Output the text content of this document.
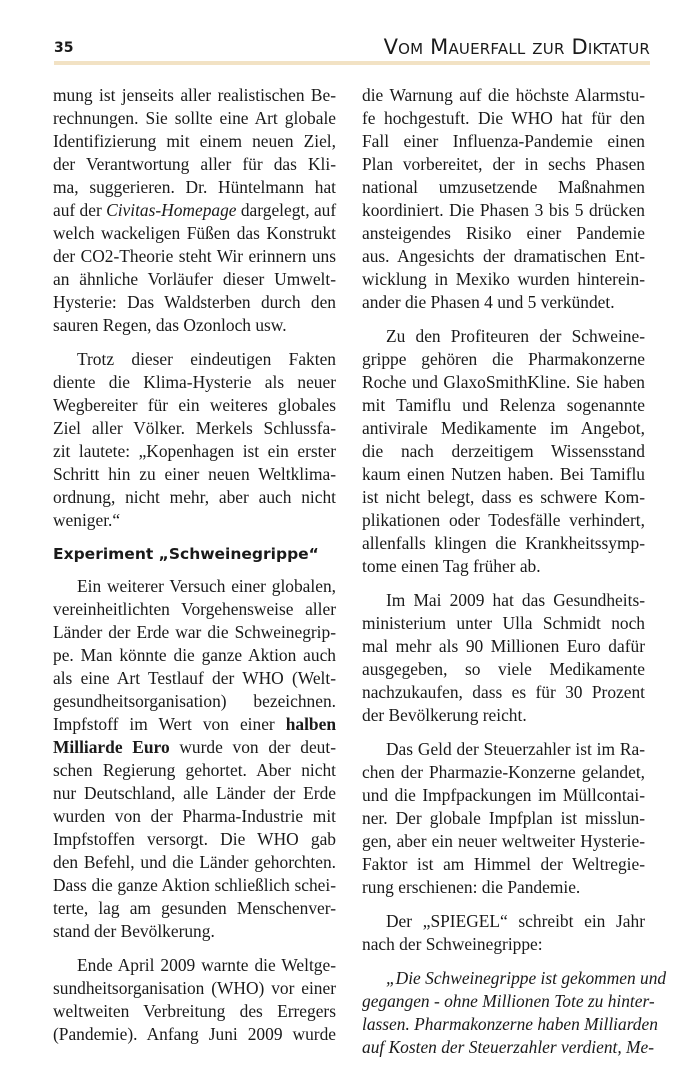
35	Vom Mauerfall zur Diktatur
mung ist jenseits aller realistischen Be-
rechnungen. Sie sollte eine Art globale
Identifizierung mit einem neuen Ziel,
der Verantwortung aller für das Kli-
ma, suggerieren. Dr. Hüntelmann hat
auf der Civitas-Homepage dargelegt, auf
welch wackeligen Füßen das Konstrukt
der CO2-Theorie steht Wir erinnern uns
an ähnliche Vorläufer dieser Umwelt-
Hysterie: Das Waldsterben durch den
sauren Regen, das Ozonloch usw.
Trotz dieser eindeutigen Fakten
diente die Klima-Hysterie als neuer
Wegbereiter für ein weiteres globales
Ziel aller Völker. Merkels Schlussfa-
zit lautete: „Kopenhagen ist ein erster
Schritt hin zu einer neuen Weltklima-
ordnung, nicht mehr, aber auch nicht
weniger.“
Experiment „Schweinegrippe“
Ein weiterer Versuch einer globalen,
vereinheitlichten Vorgehensweise aller
Länder der Erde war die Schweinegrip-
pe. Man könnte die ganze Aktion auch
als eine Art Testlauf der WHO (Welt-
gesundheitsorganisation) bezeichnen.
Impfstoff im Wert von einer halben
Milliarde Euro wurde von der deut-
schen Regierung gehortet. Aber nicht
nur Deutschland, alle Länder der Erde
wurden von der Pharma-Industrie mit
Impfstoffen versorgt. Die WHO gab
den Befehl, und die Länder gehorchten.
Dass die ganze Aktion schließlich schei-
terte, lag am gesunden Menschenver-
stand der Bevölkerung.
Ende April 2009 warnte die Weltge-
sundheitsorganisation (WHO) vor einer
weltweiten Verbreitung des Erregers
(Pandemie). Anfang Juni 2009 wurde
die Warnung auf die höchste Alarmstu-
fe hochgestuft. Die WHO hat für den
Fall einer Influenza-Pandemie einen
Plan vorbereitet, der in sechs Phasen
national umzusetzende Maßnahmen
koordiniert. Die Phasen 3 bis 5 drücken
ansteigendes Risiko einer Pandemie
aus. Angesichts der dramatischen Ent-
wicklung in Mexiko wurden hinterein-
ander die Phasen 4 und 5 verkündet.
Zu den Profiteuren der Schweine-
grippe gehören die Pharmakonzerne
Roche und GlaxoSmithKline. Sie haben
mit Tamiflu und Relenza sogenannte
antivirale Medikamente im Angebot,
die nach derzeitigem Wissensstand
kaum einen Nutzen haben. Bei Tamiflu
ist nicht belegt, dass es schwere Kom-
plikationen oder Todesfälle verhindert,
allenfalls klingen die Krankheitssymp-
tome einen Tag früher ab.
Im Mai 2009 hat das Gesundheits-
ministerium unter Ulla Schmidt noch
mal mehr als 90 Millionen Euro dafür
ausgegeben, so viele Medikamente
nachzukaufen, dass es für 30 Prozent
der Bevölkerung reicht.
Das Geld der Steuerzahler ist im Ra-
chen der Pharmazie-Konzerne gelandet,
und die Impfpackungen im Müllcontai-
ner. Der globale Impfplan ist misslun-
gen, aber ein neuer weltweiter Hysterie-
Faktor ist am Himmel der Weltregie-
rung erschienen: die Pandemie.
Der „SPIEGEL“ schreibt ein Jahr
nach der Schweinegrippe:
„Die Schweinegrippe ist gekommen und
gegangen - ohne Millionen Tote zu hinter-
lassen. Pharmakonzerne haben Milliarden
auf Kosten der Steuerzahler verdient, Me-
